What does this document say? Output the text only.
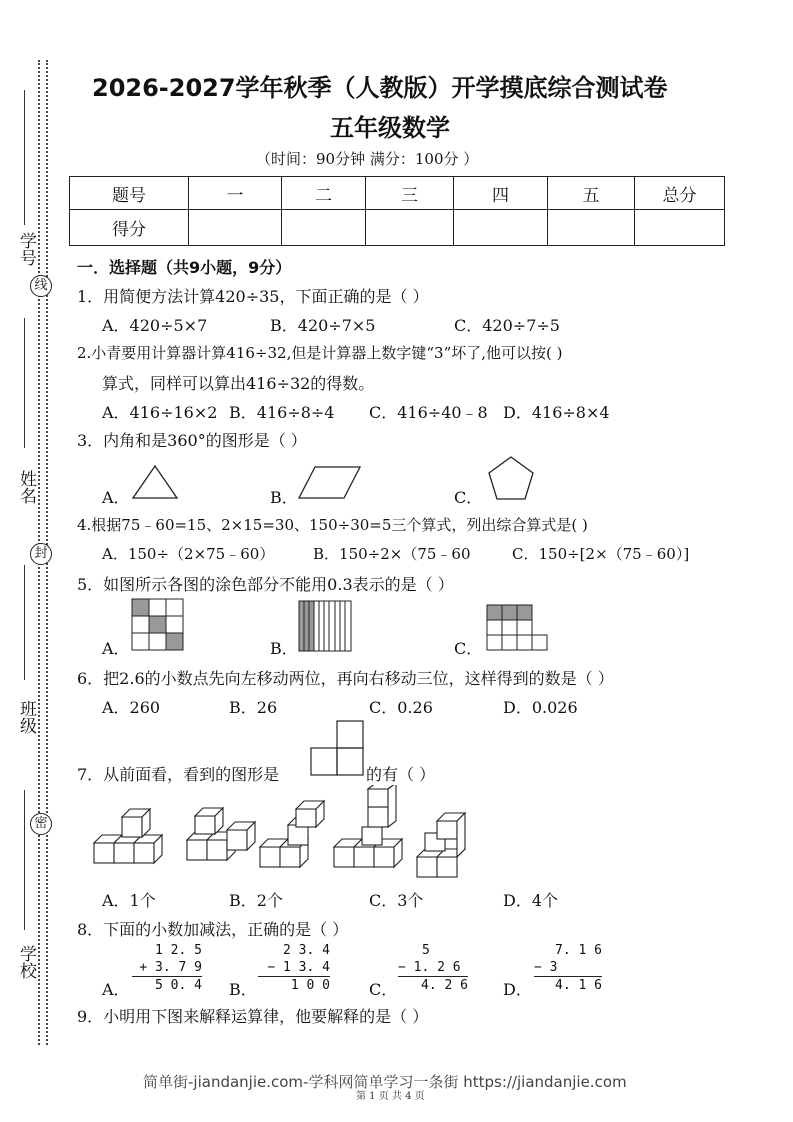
学号
姓名
班级
学校
线
封
密
2026-2027学年秋季（人教版）开学摸底综合测试卷
五年级数学
（时间：90分钟 满分：100分 ）
题号	一	二	三	四	五	总分
得分						
一．选择题（共9小题，9分）
1．用简便方法计算420÷35，下面正确的是（ ）
A．420÷5×7	B．420÷7×5	C．420÷7÷5
2.小青要用计算器计算416÷32,但是计算器上数字键“3”坏了,他可以按( )
算式，同样可以算出416÷32的得数。
A．416÷16×2 B．416÷8÷4 C．416÷40﹣8 D．416÷8×4
3．内角和是360°的图形是（ ）
A．	B．	C．
4.根据75﹣60=15、2×15=30、150÷30=5三个算式，列出综合算式是( )
A．150÷（2×75﹣60）	B．150÷2×（75﹣60	C．150÷[2×（75﹣60）]
5．如图所示各图的涂色部分不能用0.3表示的是（ ）
A．	B．	C．
6．把2.6的小数点先向左移动两位，再向右移动三位，这样得到的数是（ ）
A．260	B．26	C．0.26	D．0.026
7．从前面看，看到的图形是	的有（ ）
A．1个	B．2个	C．3个	D．4个
8．下面的小数加减法，正确的是（ ）
A．
1 2. 5
+ 3. 7 9
5 0. 4 B．
2 3. 4
− 1 3. 4
1 0 0 C．
5
− 1. 2 6
4. 2 6 D．
7. 1 6
− 3
4. 1 6
9．小明用下图来解释运算律，他要解释的是（ ）
简单街-jiandanjie.com-学科网简单学习一条街 https://jiandanjie.com
第 1 页 共 4 页
